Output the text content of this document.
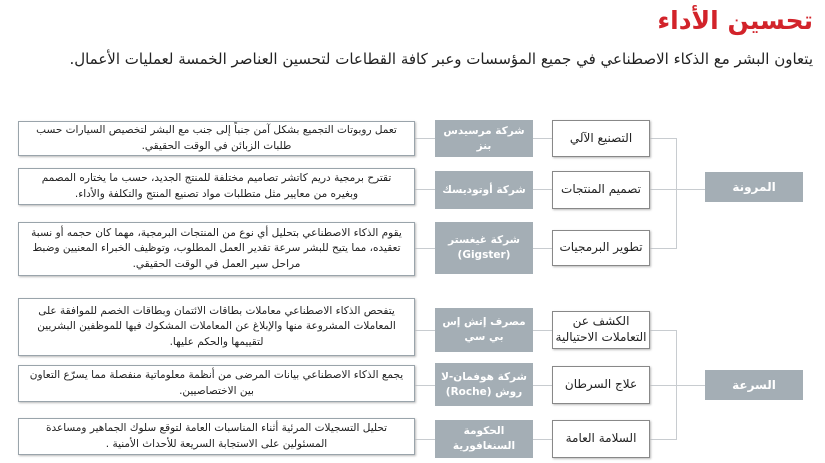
تحسين الأداء
يتعاون البشر مع الذكاء الاصطناعي في جميع المؤسسات وعبر كافة القطاعات لتحسين العناصر الخمسة لعمليات الأعمال.
المرونة
السرعة
التصنيع الآلي
تصميم المنتجات
تطوير البرمجيات
الكشف عن التعاملات الاحتيالية
علاج السرطان
السلامة العامة
شركة مرسيدس بنز
شركة أوتوديسك
شركة غيغستر (Gigster)
مصرف إتش إس بي سي
شركة هوفمان-لا روش (Roche)
الحكومة السنغافورية
تعمل روبوتات التجميع بشكل آمن جنباً إلى جنب مع البشر لتخصيص السيارات حسب طلبات الزبائن في الوقت الحقيقي.
تقترح برمجية دريم كاتشر تصاميم مختلفة للمنتج الجديد، حسب ما يختاره المصمم وبغيره من معايير مثل متطلبات مواد تصنيع المنتج والتكلفة والأداء.
يقوم الذكاء الاصطناعي بتحليل أي نوع من المنتجات البرمجية، مهما كان حجمه أو نسبة تعقيده، مما يتيح للبشر سرعة تقدير العمل المطلوب، وتوظيف الخبراء المعنيين وضبط مراحل سير العمل في الوقت الحقيقي.
يتفحص الذكاء الاصطناعي معاملات بطاقات الائتمان وبطاقات الخصم للموافقة على المعاملات المشروعة منها والإبلاغ عن المعاملات المشكوك فيها للموظفين البشريين لتقييمها والحكم عليها.
يجمع الذكاء الاصطناعي بيانات المرضى من أنظمة معلوماتية منفصلة مما يسرّع التعاون بين الاختصاصيين.
تحليل التسجيلات المرئية أثناء المناسبات العامة لتوقع سلوك الجماهير ومساعدة المسئولين على الاستجابة السريعة للأحداث الأمنية .
